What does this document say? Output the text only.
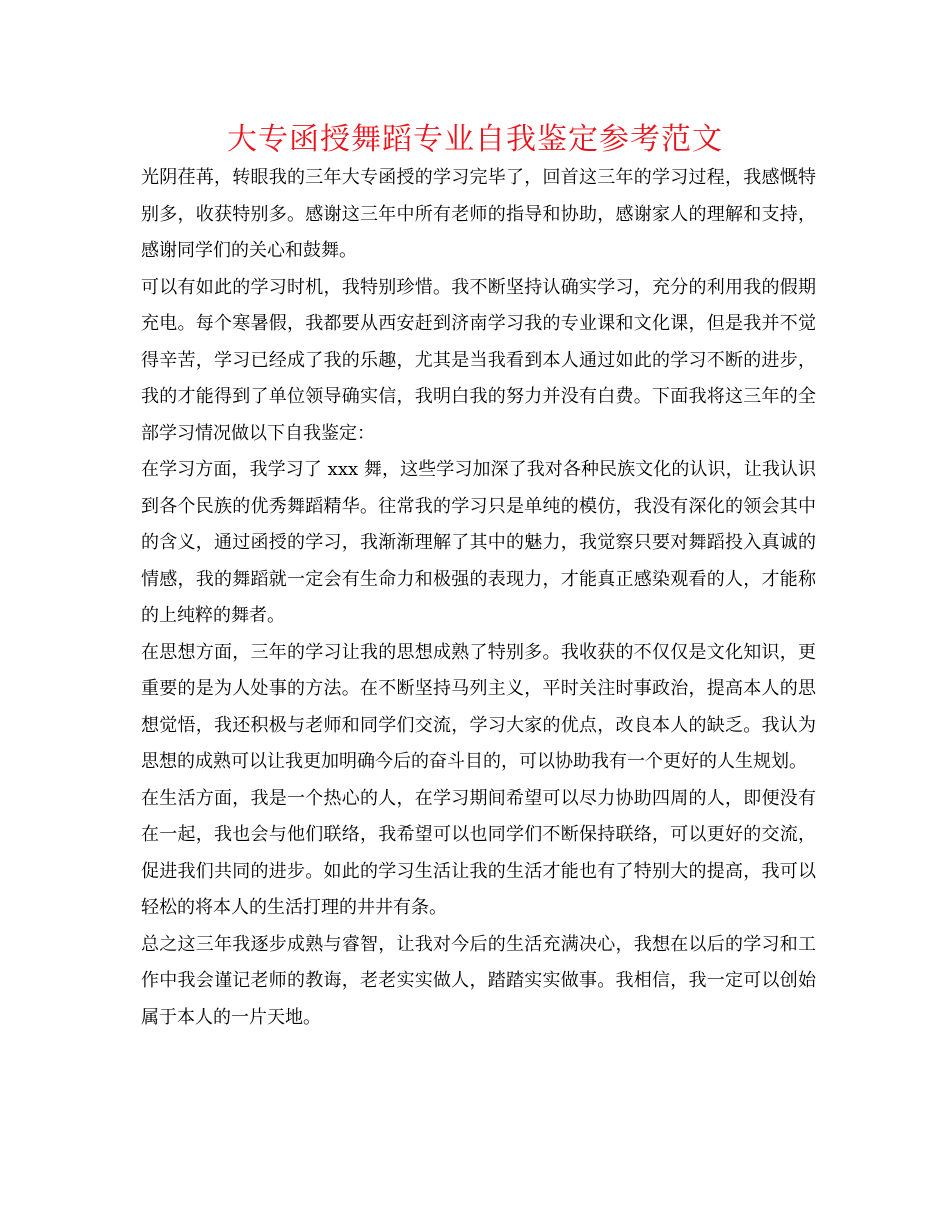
大专函授舞蹈专业自我鉴定参考范文

光阴荏苒，转眼我的三年大专函授的学习完毕了，回首这三年的学习过程，我感慨特别多，收获特别多。感谢这三年中所有老师的指导和协助，感谢家人的理解和支持，感谢同学们的关心和鼓舞。

可以有如此的学习时机，我特别珍惜。我不断坚持认确实学习，充分的利用我的假期充电。每个寒暑假，我都要从西安赶到济南学习我的专业课和文化课，但是我并不觉得辛苦，学习已经成了我的乐趣，尤其是当我看到本人通过如此的学习不断的进步，我的才能得到了单位领导确实信，我明白我的努力并没有白费。下面我将这三年的全部学习情况做以下自我鉴定：

在学习方面，我学习了 xxx 舞，这些学习加深了我对各种民族文化的认识，让我认识到各个民族的优秀舞蹈精华。往常我的学习只是单纯的模仿，我没有深化的领会其中的含义，通过函授的学习，我渐渐理解了其中的魅力，我觉察只要对舞蹈投入真诚的情感，我的舞蹈就一定会有生命力和极强的表现力，才能真正感染观看的人，才能称的上纯粹的舞者。

在思想方面，三年的学习让我的思想成熟了特别多。我收获的不仅仅是文化知识，更重要的是为人处事的方法。在不断坚持马列主义，平时关注时事政治，提高本人的思想觉悟，我还积极与老师和同学们交流，学习大家的优点，改良本人的缺乏。我认为思想的成熟可以让我更加明确今后的奋斗目的，可以协助我有一个更好的人生规划。

在生活方面，我是一个热心的人，在学习期间希望可以尽力协助四周的人，即便没有在一起，我也会与他们联络，我希望可以也同学们不断保持联络，可以更好的交流，促进我们共同的进步。如此的学习生活让我的生活才能也有了特别大的提高，我可以轻松的将本人的生活打理的井井有条。

总之这三年我逐步成熟与睿智，让我对今后的生活充满决心，我想在以后的学习和工作中我会谨记老师的教诲，老老实实做人，踏踏实实做事。我相信，我一定可以创始属于本人的一片天地。
